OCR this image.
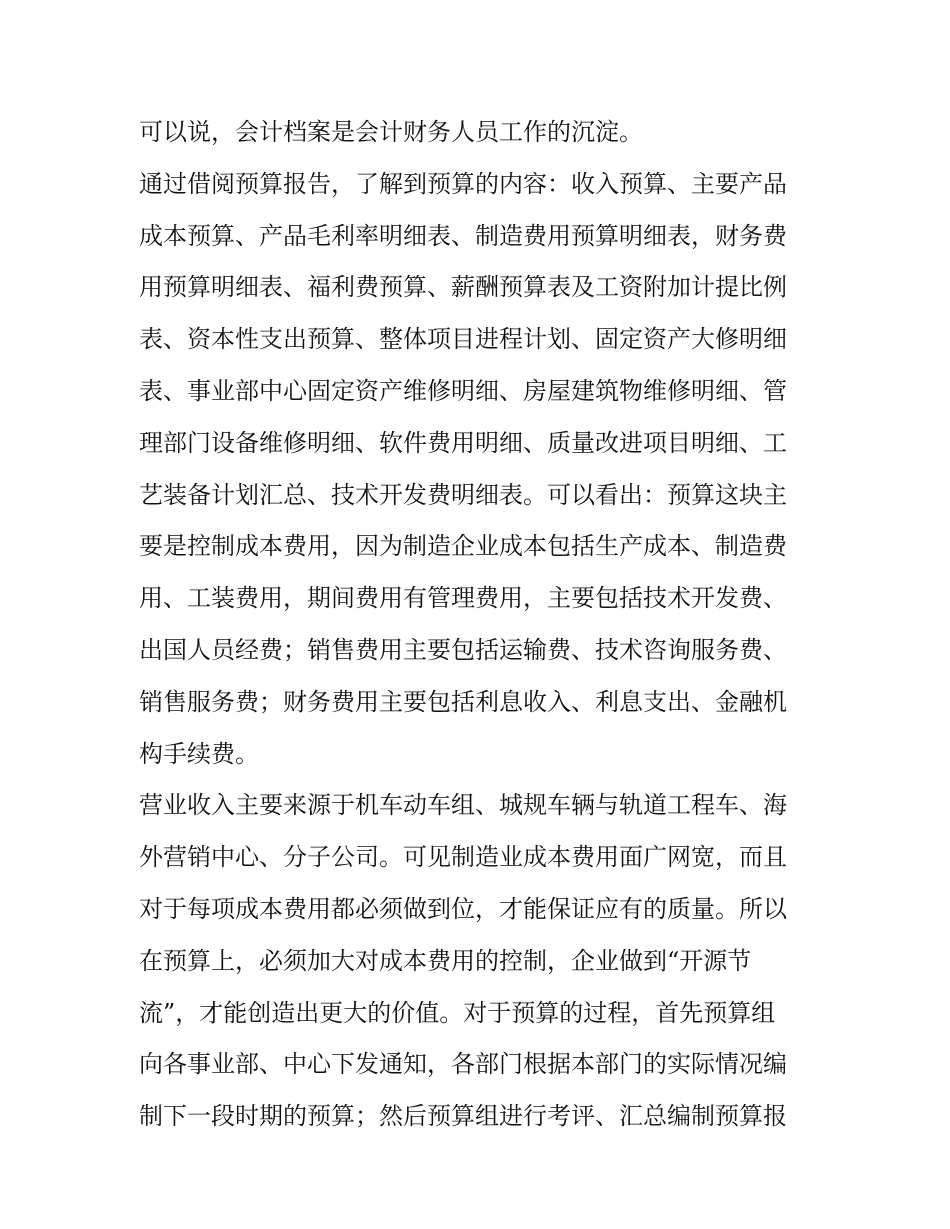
可以说，会计档案是会计财务人员工作的沉淀。
通过借阅预算报告，了解到预算的内容：收入预算、主要产品
成本预算、产品毛利率明细表、制造费用预算明细表，财务费
用预算明细表、福利费预算、薪酬预算表及工资附加计提比例
表、资本性支出预算、整体项目进程计划、固定资产大修明细
表、事业部中心固定资产维修明细、房屋建筑物维修明细、管
理部门设备维修明细、软件费用明细、质量改进项目明细、工
艺装备计划汇总、技术开发费明细表。可以看出：预算这块主
要是控制成本费用，因为制造企业成本包括生产成本、制造费
用、工装费用，期间费用有管理费用，主要包括技术开发费、
出国人员经费；销售费用主要包括运输费、技术咨询服务费、
销售服务费；财务费用主要包括利息收入、利息支出、金融机
构手续费。
营业收入主要来源于机车动车组、城规车辆与轨道工程车、海
外营销中心、分子公司。可见制造业成本费用面广网宽，而且
对于每项成本费用都必须做到位，才能保证应有的质量。所以
在预算上，必须加大对成本费用的控制，企业做到“开源节
流”，才能创造出更大的价值。对于预算的过程，首先预算组
向各事业部、中心下发通知，各部门根据本部门的实际情况编
制下一段时期的预算；然后预算组进行考评、汇总编制预算报
